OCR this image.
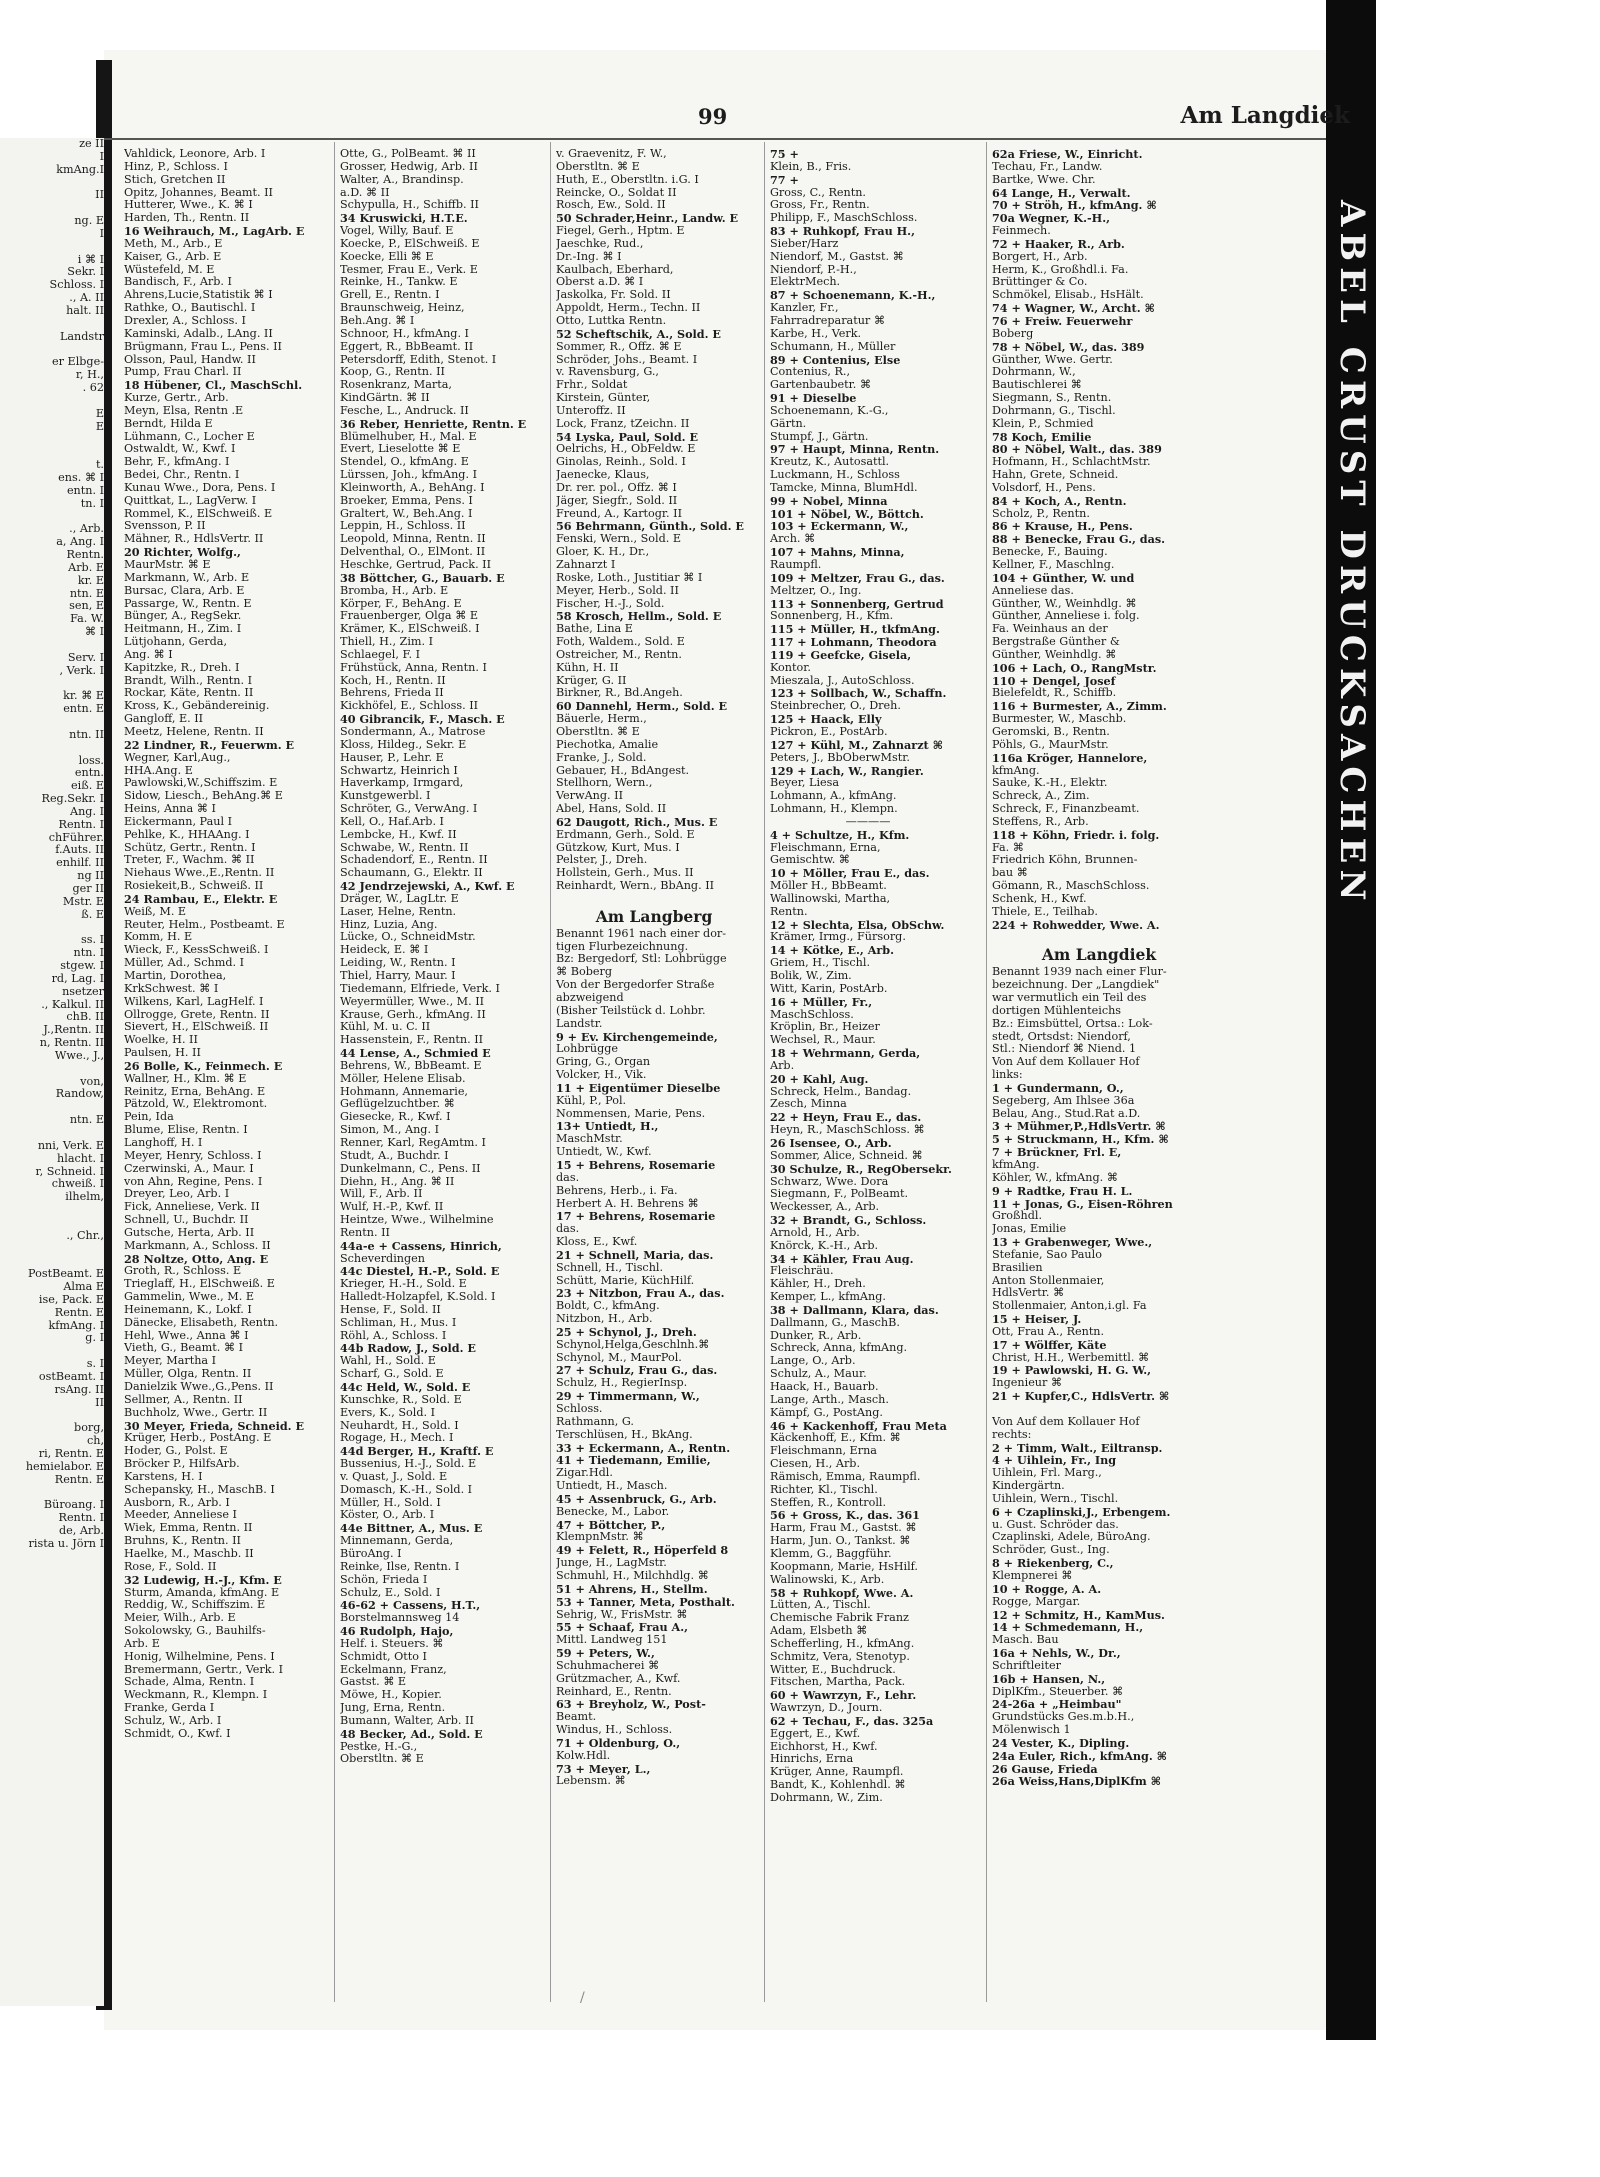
ze II
I
kmAng.I
II
ng. E
I
i ⌘ I
Sekr. I
Schloss. I
., A. II
halt. II
Landstr
er Elbge-
r, H.,
. 62
E
E
t.
ens. ⌘ I
entn. I
tn. I
., Arb.
a, Ang. I
Rentn.
Arb. E
kr. E
ntn. E
sen, E
Fa. W.
⌘ I
Serv. I
, Verk. I
kr. ⌘ E
entn. E
ntn. II
loss.
entn.
eiß. E
Reg.Sekr. I
Ang. I
Rentn. I
chFührer.
f.Auts. II
enhilf. II
ng II
ger II
Mstr. E
ß. E
ss. I
ntn. I
stgew. I
rd, Lag. I
nsetzer
., Kalkul. II
chB. II
J.,Rentn. II
n, Rentn. II
Wwe., J.,
von,
Randow,
ntn. E
nni, Verk. E
hlacht. I
r, Schneid. I
chweiß. I
ilhelm,
., Chr.,
PostBeamt. E
Alma E
ise, Pack. E
Rentn. E
kfmAng. I
g. I
s. I
ostBeamt. I
rsAng. II
II
borg,
ch,
ri, Rentn. E
hemielabor. E
Rentn. E
Büroang. I
Rentn. I
de, Arb.
rista u. Jörn I
ABEL CRUST DRUCKSACHEN
99	Am Langdiek
Vahldick, Leonore, Arb. I
Hinz, P., Schloss. I
Stich, Gretchen II
Opitz, Johannes, Beamt. II
Hutterer, Wwe., K. ⌘ I
Harden, Th., Rentn. II
16 Weihrauch, M., LagArb. E
Meth, M., Arb., E
Kaiser, G., Arb. E
Wüstefeld, M. E
Bandisch, F., Arb. I
Ahrens,Lucie,Statistik ⌘ I
Rathke, O., Bautischl. I
Drexler, A., Schloss. I
Kaminski, Adalb., LAng. II
Brügmann, Frau L., Pens. II
Olsson, Paul, Handw. II
Pump, Frau Charl. II
18 Hübener, Cl., MaschSchl.
Kurze, Gertr., Arb.
Meyn, Elsa, Rentn .E
Berndt, Hilda E
Lühmann, C., Locher E
Ostwaldt, W., Kwf. I
Behr, F., kfmAng. I
Bedei, Chr., Rentn. I
Kunau Wwe., Dora, Pens. I
Quittkat, L., LagVerw. I
Rommel, K., ElSchweiß. E
Svensson, P. II
Mähner, R., HdlsVertr. II
20 Richter, Wolfg.,
MaurMstr. ⌘ E
Markmann, W., Arb. E
Bursac, Clara, Arb. E
Passarge, W., Rentn. E
Bünger, A., RegSekr.
Heitmann, H., Zim. I
Lütjohann, Gerda,
Ang. ⌘ I
Kapitzke, R., Dreh. I
Brandt, Wilh., Rentn. I
Rockar, Käte, Rentn. II
Kross, K., Gebändereinig.
Gangloff, E. II
Meetz, Helene, Rentn. II
22 Lindner, R., Feuerwm. E
Wegner, Karl,Aug.,
HHA.Ang. E
Pawlowski,W.,Schiffszim. E
Sidow, Liesch., BehAng.⌘ E
Heins, Anna ⌘ I
Eickermann, Paul I
Pehlke, K., HHAAng. I
Schütz, Gertr., Rentn. I
Treter, F., Wachm. ⌘ II
Niehaus Wwe.,E.,Rentn. II
Rosiekeit,B., Schweiß. II
24 Rambau, E., Elektr. E
Weiß, M. E
Reuter, Helm., Postbeamt. E
Komm, H. E
Wieck, F., KessSchweiß. I
Müller, Ad., Schmd. I
Martin, Dorothea,
KrkSchwest. ⌘ I
Wilkens, Karl, LagHelf. I
Ollrogge, Grete, Rentn. II
Sievert, H., ElSchweiß. II
Woelke, H. II
Paulsen, H. II
26 Bolle, K., Feinmech. E
Wallner, H., Klm. ⌘ E
Reinitz, Erna, BehAng. E
Pätzold, W., Elektromont.
Pein, Ida
Blume, Elise, Rentn. I
Langhoff, H. I
Meyer, Henry, Schloss. I
Czerwinski, A., Maur. I
von Ahn, Regine, Pens. I
Dreyer, Leo, Arb. I
Fick, Anneliese, Verk. II
Schnell, U., Buchdr. II
Gutsche, Herta, Arb. II
Markmann, A., Schloss. II
28 Noltze, Otto, Ang. E
Groth, R., Schloss. E
Trieglaff, H., ElSchweiß. E
Gammelin, Wwe., M. E
Heinemann, K., Lokf. I
Dänecke, Elisabeth, Rentn.
Hehl, Wwe., Anna ⌘ I
Vieth, G., Beamt. ⌘ I
Meyer, Martha I
Müller, Olga, Rentn. II
Danielzik Wwe.,G.,Pens. II
Sellmer, A., Rentn. II
Buchholz, Wwe., Gertr. II
30 Meyer, Frieda, Schneid. E
Krüger, Herb., PostAng. E
Hoder, G., Polst. E
Bröcker P., HilfsArb.
Karstens, H. I
Schepansky, H., MaschB. I
Ausborn, R., Arb. I
Meeder, Anneliese I
Wiek, Emma, Rentn. II
Bruhns, K., Rentn. II
Haelke, M., Maschb. II
Rose, F., Sold. II
32 Ludewig, H.-J., Kfm. E
Sturm, Amanda, kfmAng. E
Reddig, W., Schiffszim. E
Meier, Wilh., Arb. E
Sokolowsky, G., Bauhilfs-
Arb. E
Honig, Wilhelmine, Pens. I
Bremermann, Gertr., Verk. I
Schade, Alma, Rentn. I
Weckmann, R., Klempn. I
Franke, Gerda I
Schulz, W., Arb. I
Schmidt, O., Kwf. I
Otte, G., PolBeamt. ⌘ II
Grosser, Hedwig, Arb. II
Walter, A., Brandinsp.
a.D. ⌘ II
Schypulla, H., Schiffb. II
34 Kruswicki, H.T.E.
Vogel, Willy, Bauf. E
Koecke, P., ElSchweiß. E
Koecke, Elli ⌘ E
Tesmer, Frau E., Verk. E
Reinke, H., Tankw. E
Grell, E., Rentn. I
Braunschweig, Heinz,
Beh.Ang. ⌘ I
Schnoor, H., kfmAng. I
Eggert, R., BbBeamt. II
Petersdorff, Edith, Stenot. I
Koop, G., Rentn. II
Rosenkranz, Marta,
KindGärtn. ⌘ II
Fesche, L., Andruck. II
36 Reber, Henriette, Rentn. E
Blümelhuber, H., Mal. E
Evert, Lieselotte ⌘ E
Stendel, O., kfmAng. E
Lürssen, Joh., kfmAng. I
Kleinworth, A., BehAng. I
Broeker, Emma, Pens. I
Graltert, W., Beh.Ang. I
Leppin, H., Schloss. II
Leopold, Minna, Rentn. II
Delventhal, O., ElMont. II
Heschke, Gertrud, Pack. II
38 Böttcher, G., Bauarb. E
Bromba, H., Arb. E
Körper, F., BehAng. E
Frauenberger, Olga ⌘ E
Krämer, K., ElSchweiß. I
Thiell, H., Zim. I
Schlaegel, F. I
Frühstück, Anna, Rentn. I
Koch, H., Rentn. II
Behrens, Frieda II
Kickhöfel, E., Schloss. II
40 Gibrancik, F., Masch. E
Sondermann, A., Matrose
Kloss, Hildeg., Sekr. E
Hauser, P., Lehr. E
Schwartz, Heinrich I
Haverkamp, Irmgard,
Kunstgewerbl. I
Schröter, G., VerwAng. I
Kell, O., Haf.Arb. I
Lembcke, H., Kwf. II
Schwabe, W., Rentn. II
Schadendorf, E., Rentn. II
Schaumann, G., Elektr. II
42 Jendrzejewski, A., Kwf. E
Dräger, W., LagLtr. E
Laser, Helne, Rentn.
Hinz, Luzia, Ang.
Lücke, O., SchneidMstr.
Heideck, E. ⌘ I
Leiding, W., Rentn. I
Thiel, Harry, Maur. I
Tiedemann, Elfriede, Verk. I
Weyermüller, Wwe., M. II
Krause, Gerh., kfmAng. II
Kühl, M. u. C. II
Hassenstein, F., Rentn. II
44 Lense, A., Schmied E
Behrens, W., BbBeamt. E
Möller, Helene Elisab.
Hohmann, Annemarie,
Geflügelzuchtber. ⌘
Giesecke, R., Kwf. I
Simon, M., Ang. I
Renner, Karl, RegAmtm. I
Studt, A., Buchdr. I
Dunkelmann, C., Pens. II
Diehn, H., Ang. ⌘ II
Will, F., Arb. II
Wulf, H.-P., Kwf. II
Heintze, Wwe., Wilhelmine
Rentn. II
44a-e + Cassens, Hinrich,
Scheverdingen
44c Diestel, H.-P., Sold. E
Krieger, H.-H., Sold. E
Halledt-Holzapfel, K.Sold. I
Hense, F., Sold. II
Schliman, H., Mus. I
Röhl, A., Schloss. I
44b Radow, J., Sold. E
Wahl, H., Sold. E
Scharf, G., Sold. E
44c Held, W., Sold. E
Kunschke, R., Sold. E
Evers, K., Sold. I
Neuhardt, H., Sold. I
Rogage, H., Mech. I
44d Berger, H., Kraftf. E
Bussenius, H.-J., Sold. E
v. Quast, J., Sold. E
Domasch, K.-H., Sold. I
Müller, H., Sold. I
Köster, O., Arb. I
44e Bittner, A., Mus. E
Minnemann, Gerda,
BüroAng. I
Reinke, Ilse, Rentn. I
Schön, Frieda I
Schulz, E., Sold. I
46-62 + Cassens, H.T.,
Borstelmannsweg 14
46 Rudolph, Hajo,
Helf. i. Steuers. ⌘
Schmidt, Otto I
Eckelmann, Franz,
Gastst. ⌘ E
Möwe, H., Kopier.
Jung, Erna, Rentn.
Bumann, Walter, Arb. II
48 Becker, Ad., Sold. E
Pestke, H.-G.,
Oberstltn. ⌘ E
v. Graevenitz, F. W.,
Oberstltn. ⌘ E
Huth, E., Oberstltn. i.G. I
Reincke, O., Soldat II
Rosch, Ew., Sold. II
50 Schrader,Heinr., Landw. E
Fiegel, Gerh., Hptm. E
Jaeschke, Rud.,
Dr.-Ing. ⌘ I
Kaulbach, Eberhard,
Oberst a.D. ⌘ I
Jaskolka, Fr. Sold. II
Appoldt, Herm., Techn. II
Otto, Luttka Rentn.
52 Scheftschik, A., Sold. E
Sommer, R., Offz. ⌘ E
Schröder, Johs., Beamt. I
v. Ravensburg, G.,
Frhr., Soldat
Kirstein, Günter,
Unteroffz. II
Lock, Franz, tZeichn. II
54 Lyska, Paul, Sold. E
Oelrichs, H., ObFeldw. E
Ginolas, Reinh., Sold. I
Jaenecke, Klaus,
Dr. rer. pol., Offz. ⌘ I
Jäger, Siegfr., Sold. II
Freund, A., Kartogr. II
56 Behrmann, Günth., Sold. E
Fenski, Wern., Sold. E
Gloer, K. H., Dr.,
Zahnarzt I
Roske, Loth., Justitiar ⌘ I
Meyer, Herb., Sold. II
Fischer, H.-J., Sold.
58 Krosch, Hellm., Sold. E
Bathe, Lina E
Foth, Waldem., Sold. E
Östreicher, M., Rentn.
Kühn, H. II
Krüger, G. II
Birkner, R., Bd.Angeh.
60 Dannehl, Herm., Sold. E
Bäuerle, Herm.,
Oberstltn. ⌘ E
Piechotka, Amalie
Franke, J., Sold.
Gebauer, H., BdAngest.
Stellhorn, Wern.,
VerwAng. II
Abel, Hans, Sold. II
62 Daugott, Rich., Mus. E
Erdmann, Gerh., Sold. E
Gützkow, Kurt, Mus. I
Pelster, J., Dreh.
Hollstein, Gerh., Mus. II
Reinhardt, Wern., BbAng. II
Am Langberg
Benannt 1961 nach einer dor-
tigen Flurbezeichnung.
Bz: Bergedorf, Stl: Lohbrügge
⌘ Boberg
Von der Bergedorfer Straße
abzweigend
(Bisher Teilstück d. Lohbr.
Landstr.
9 + Ev. Kirchengemeinde,
Lohbrügge
Gring, G., Organ
Volcker, H., Vik.
11 + Eigentümer Dieselbe
Kühl, P., Pol.
Nommensen, Marie, Pens.
13+ Untiedt, H.,
MaschMstr.
Untiedt, W., Kwf.
15 + Behrens, Rosemarie
das.
Behrens, Herb., i. Fa.
Herbert A. H. Behrens ⌘
17 + Behrens, Rosemarie
das.
Kloss, E., Kwf.
21 + Schnell, Maria, das.
Schnell, H., Tischl.
Schütt, Marie, KüchHilf.
23 + Nitzbon, Frau A., das.
Boldt, C., kfmAng.
Nitzbon, H., Arb.
25 + Schynol, J., Dreh.
Schynol,Helga,Geschlnh.⌘
Schynol, M., MaurPol.
27 + Schulz, Frau G., das.
Schulz, H., RegierInsp.
29 + Timmermann, W.,
Schloss.
Rathmann, G.
Terschlüsen, H., BkAng.
33 + Eckermann, A., Rentn.
41 + Tiedemann, Emilie,
Zigar.Hdl.
Untiedt, H., Masch.
45 + Assenbruck, G., Arb.
Benecke, M., Labor.
47 + Böttcher, P.,
KlempnMstr. ⌘
49 + Felett, R., Höperfeld 8
Junge, H., LagMstr.
Schmuhl, H., Milchhdlg. ⌘
51 + Ahrens, H., Stellm.
53 + Tanner, Meta, Posthalt.
Sehrig, W., FrisMstr. ⌘
55 + Schaaf, Frau A.,
Mittl. Landweg 151
59 + Peters, W.,
Schuhmacherei ⌘
Grützmacher, A., Kwf.
Reinhard, E., Rentn.
63 + Breyholz, W., Post-
Beamt.
Windus, H., Schloss.
71 + Oldenburg, O.,
Kolw.Hdl.
73 + Meyer, L.,
Lebensm. ⌘
75 +
Klein, B., Fris.
77 +
Gross, C., Rentn.
Gross, Fr., Rentn.
Philipp, F., MaschSchloss.
83 + Ruhkopf, Frau H.,
Sieber/Harz
Niendorf, M., Gastst. ⌘
Niendorf, P.-H.,
ElektrMech.
87 + Schoenemann, K.-H.,
Kanzler, Fr.,
Fahrradreparatur ⌘
Karbe, H., Verk.
Schumann, H., Müller
89 + Contenius, Else
Contenius, R.,
Gartenbaubetr. ⌘
91 + Dieselbe
Schoenemann, K.-G.,
Gärtn.
Stumpf, J., Gärtn.
97 + Haupt, Minna, Rentn.
Kreutz, K., Autosattl.
Luckmann, H., Schloss
Tamcke, Minna, BlumHdl.
99 + Nobel, Minna
101 + Nöbel, W., Böttch.
103 + Eckermann, W.,
Arch. ⌘
107 + Mahns, Minna,
Raumpfl.
109 + Meltzer, Frau G., das.
Meltzer, O., Ing.
113 + Sonnenberg, Gertrud
Sonnenberg, H., Kfm.
115 + Müller, H., tkfmAng.
117 + Lohmann, Theodora
119 + Geefcke, Gisela,
Kontor.
Mieszala, J., AutoSchloss.
123 + Sollbach, W., Schaffn.
Steinbrecher, O., Dreh.
125 + Haack, Elly
Pickron, E., PostArb.
127 + Kühl, M., Zahnarzt ⌘
Peters, J., BbOberwMstr.
129 + Lach, W., Rangier.
Beyer, Liesa
Lohmann, A., kfmAng.
Lohmann, H., Klempn.
————
4 + Schultze, H., Kfm.
Fleischmann, Erna,
Gemischtw. ⌘
10 + Möller, Frau E., das.
Möller H., BbBeamt.
Wallinowski, Martha,
Rentn.
12 + Slechta, Elsa, ObSchw.
Krämer, Irmg., Fürsorg.
14 + Kötke, E., Arb.
Griem, H., Tischl.
Bolik, W., Zim.
Witt, Karin, PostArb.
16 + Müller, Fr.,
MaschSchloss.
Kröplin, Br., Heizer
Wechsel, R., Maur.
18 + Wehrmann, Gerda,
Arb.
20 + Kahl, Aug.
Schreck, Helm., Bandag.
Zesch, Minna
22 + Heyn, Frau E., das.
Heyn, R., MaschSchloss. ⌘
26 Isensee, O., Arb.
Sommer, Alice, Schneid. ⌘
30 Schulze, R., RegObersekr.
Schwarz, Wwe. Dora
Siegmann, F., PolBeamt.
Weckesser, A., Arb.
32 + Brandt, G., Schloss.
Arnold, H., Arb.
Knörck, K.-H., Arb.
34 + Kähler, Frau Aug.
Fleischräu.
Kähler, H., Dreh.
Kemper, L., kfmAng.
38 + Dallmann, Klara, das.
Dallmann, G., MaschB.
Dunker, R., Arb.
Schreck, Anna, kfmAng.
Lange, O., Arb.
Schulz, A., Maur.
Haack, H., Bauarb.
Lange, Arth., Masch.
Kämpf, G., PostAng.
46 + Kackenhoff, Frau Meta
Käckenhoff, E., Kfm. ⌘
Fleischmann, Erna
Ciesen, H., Arb.
Rämisch, Emma, Raumpfl.
Richter, Kl., Tischl.
Steffen, R., Kontroll.
56 + Gross, K., das. 361
Harm, Frau M., Gastst. ⌘
Harm, Jun. O., Tankst. ⌘
Klemm, G., Baggführ.
Koopmann, Marie, HsHilf.
Walinowski, K., Arb.
58 + Ruhkopf, Wwe. A.
Lütten, A., Tischl.
Chemische Fabrik Franz
Adam, Elsbeth ⌘
Schefferling, H., kfmAng.
Schmitz, Vera, Stenotyp.
Witter, E., Buchdruck.
Fitschen, Martha, Pack.
60 + Wawrzyn, F., Lehr.
Wawrzyn, D., Journ.
62 + Techau, F., das. 325a
Eggert, E., Kwf.
Eichhorst, H., Kwf.
Hinrichs, Erna
Krüger, Anne, Raumpfl.
Bandt, K., Kohlenhdl. ⌘
Dohrmann, W., Zim.
62a Friese, W., Einricht.
Techau, Fr., Landw.
Bartke, Wwe. Chr.
64 Lange, H., Verwalt.
70 + Ströh, H., kfmAng. ⌘
70a Wegner, K.-H.,
Feinmech.
72 + Haaker, R., Arb.
Borgert, H., Arb.
Herm, K., Großhdl.i. Fa.
Brüttinger & Co.
Schmökel, Elisab., HsHält.
74 + Wagner, W., Archt. ⌘
76 + Freiw. Feuerwehr
Boberg
78 + Nöbel, W., das. 389
Günther, Wwe. Gertr.
Dohrmann, W.,
Bautischlerei ⌘
Siegmann, S., Rentn.
Dohrmann, G., Tischl.
Klein, P., Schmied
78 Koch, Emilie
80 + Nöbel, Walt., das. 389
Hofmann, H., SchlachtMstr.
Hahn, Grete, Schneid.
Volsdorf, H., Pens.
84 + Koch, A., Rentn.
Scholz, P., Rentn.
86 + Krause, H., Pens.
88 + Benecke, Frau G., das.
Benecke, F., Bauing.
Kellner, F., Maschlng.
104 + Günther, W. und
Anneliese das.
Günther, W., Weinhdlg. ⌘
Günther, Anneliese i. folg.
Fa. Weinhaus an der
Bergstraße Günther &
Günther, Weinhdlg. ⌘
106 + Lach, O., RangMstr.
110 + Dengel, Josef
Bielefeldt, R., Schiffb.
116 + Burmester, A., Zimm.
Burmester, W., Maschb.
Geromski, B., Rentn.
Pöhls, G., MaurMstr.
116a Kröger, Hannelore,
kfmAng.
Sauke, K.-H., Elektr.
Schreck, A., Zim.
Schreck, F., Finanzbeamt.
Steffens, R., Arb.
118 + Köhn, Friedr. i. folg.
Fa. ⌘
Friedrich Köhn, Brunnen-
bau ⌘
Gömann, R., MaschSchloss.
Schenk, H., Kwf.
Thiele, E., Teilhab.
224 + Rohwedder, Wwe. A.
Am Langdiek
Benannt 1939 nach einer Flur-
bezeichnung. Der „Langdiek"
war vermutlich ein Teil des
dortigen Mühlenteichs
Bz.: Eimsbüttel, Ortsa.: Lok-
stedt, Ortsdst: Niendorf,
Stl.: Niendorf ⌘ Niend. 1
Von Auf dem Kollauer Hof
links:
1 + Gundermann, O.,
Segeberg, Am Ihlsee 36a
Belau, Ang., Stud.Rat a.D.
3 + Mühmer,P.,HdlsVertr. ⌘
5 + Struckmann, H., Kfm. ⌘
7 + Brückner, Frl. E,
kfmAng.
Köhler, W., kfmAng. ⌘
9 + Radtke, Frau H. L.
11 + Jonas, G., Eisen-Röhren
Großhdl.
Jonas, Emilie
13 + Grabenweger, Wwe.,
Stefanie, Sao Paulo
Brasilien
Anton Stollenmaier,
HdlsVertr. ⌘
Stollenmaier, Anton,i.gl. Fa
15 + Heiser, J.
Ott, Frau A., Rentn.
17 + Wölffer, Käte
Christ, H.H., Werbemittl. ⌘
19 + Pawlowski, H. G. W.,
Ingenieur ⌘
21 + Kupfer,C., HdlsVertr. ⌘
Von Auf dem Kollauer Hof
rechts:
2 + Timm, Walt., Eiltransp.
4 + Uihlein, Fr., Ing
Uihlein, Frl. Marg.,
Kindergärtn.
Uihlein, Wern., Tischl.
6 + Czaplinski,J., Erbengem.
u. Gust. Schröder das.
Czaplinski, Adele, BüroAng.
Schröder, Gust., Ing.
8 + Riekenberg, C.,
Klempnerei ⌘
10 + Rogge, A. A.
Rogge, Margar.
12 + Schmitz, H., KamMus.
14 + Schmedemann, H.,
Masch. Bau
16a + Nehls, W., Dr.,
Schriftleiter
16b + Hansen, N.,
DiplKfm., Steuerber. ⌘
24-26a + „Heimbau"
Grundstücks Ges.m.b.H.,
Mölenwisch 1
24 Vester, K., Dipling.
24a Euler, Rich., kfmAng. ⌘
26 Gause, Frieda
26a Weiss,Hans,DiplKfm ⌘
/
